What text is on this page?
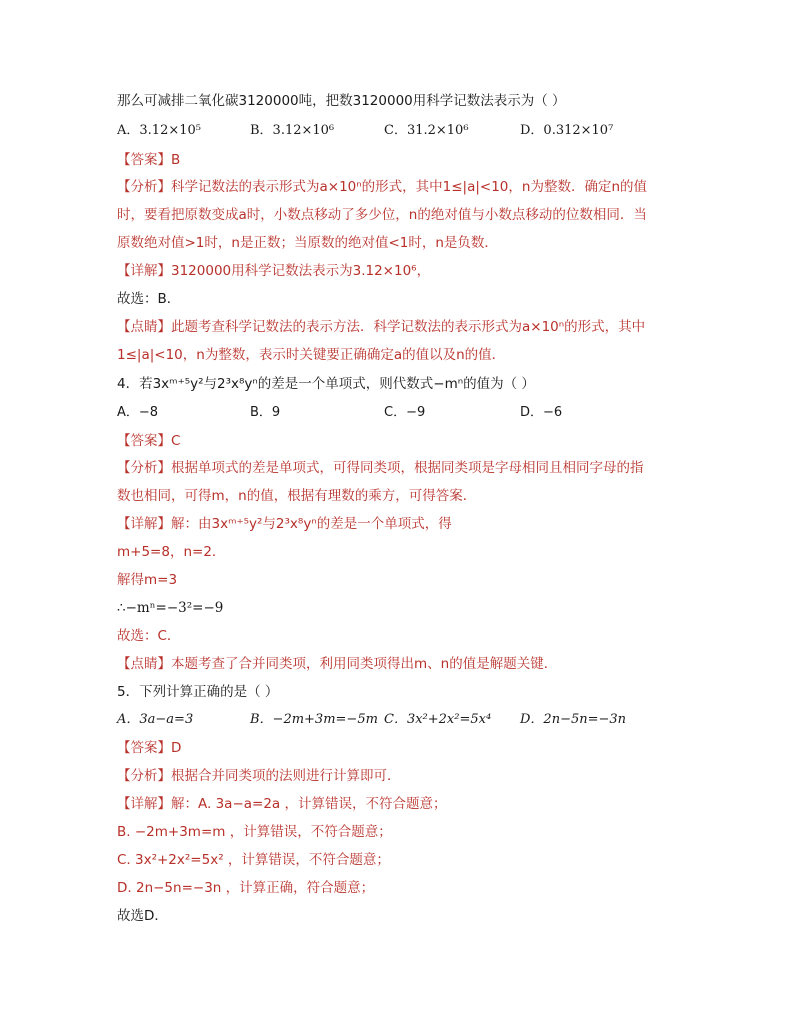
那么可减排二氧化碳3120000吨，把数3120000用科学记数法表示为（ ）
A．3.12×10⁵	B．3.12×10⁶	C．31.2×10⁶	D．0.312×10⁷
【答案】B
【分析】科学记数法的表示形式为a×10ⁿ的形式，其中1≤|a|<10，n为整数．确定n的值
时，要看把原数变成a时，小数点移动了多少位，n的绝对值与小数点移动的位数相同．当
原数绝对值>1时，n是正数；当原数的绝对值<1时，n是负数．
【详解】3120000用科学记数法表示为3.12×10⁶，
故选：B．
【点睛】此题考查科学记数法的表示方法．科学记数法的表示形式为a×10ⁿ的形式，其中
1≤|a|<10，n为整数，表示时关键要正确确定a的值以及n的值．
4．若3xᵐ⁺⁵y²与2³x⁸yⁿ的差是一个单项式，则代数式−mⁿ的值为（ ）
A．−8	B．9	C．−9	D．−6
【答案】C
【分析】根据单项式的差是单项式，可得同类项，根据同类项是字母相同且相同字母的指
数也相同，可得m，n的值，根据有理数的乘方，可得答案．
【详解】解：由3xᵐ⁺⁵y²与2³x⁸yⁿ的差是一个单项式，得
m+5=8，n=2．
解得m=3
∴−mⁿ=−3²=−9
故选：C．
【点睛】本题考查了合并同类项，利用同类项得出m、n的值是解题关键．
5．下列计算正确的是（ ）
A．3a−a=3	B．−2m+3m=−5m C．3x²+2x²=5x⁴ D．2n−5n=−3n
【答案】D
【分析】根据合并同类项的法则进行计算即可．
【详解】解：A. 3a−a=2a ，计算错误，不符合题意；
B. −2m+3m=m ，计算错误，不符合题意；
C. 3x²+2x²=5x² ，计算错误，不符合题意；
D. 2n−5n=−3n ，计算正确，符合题意；
故选D．
